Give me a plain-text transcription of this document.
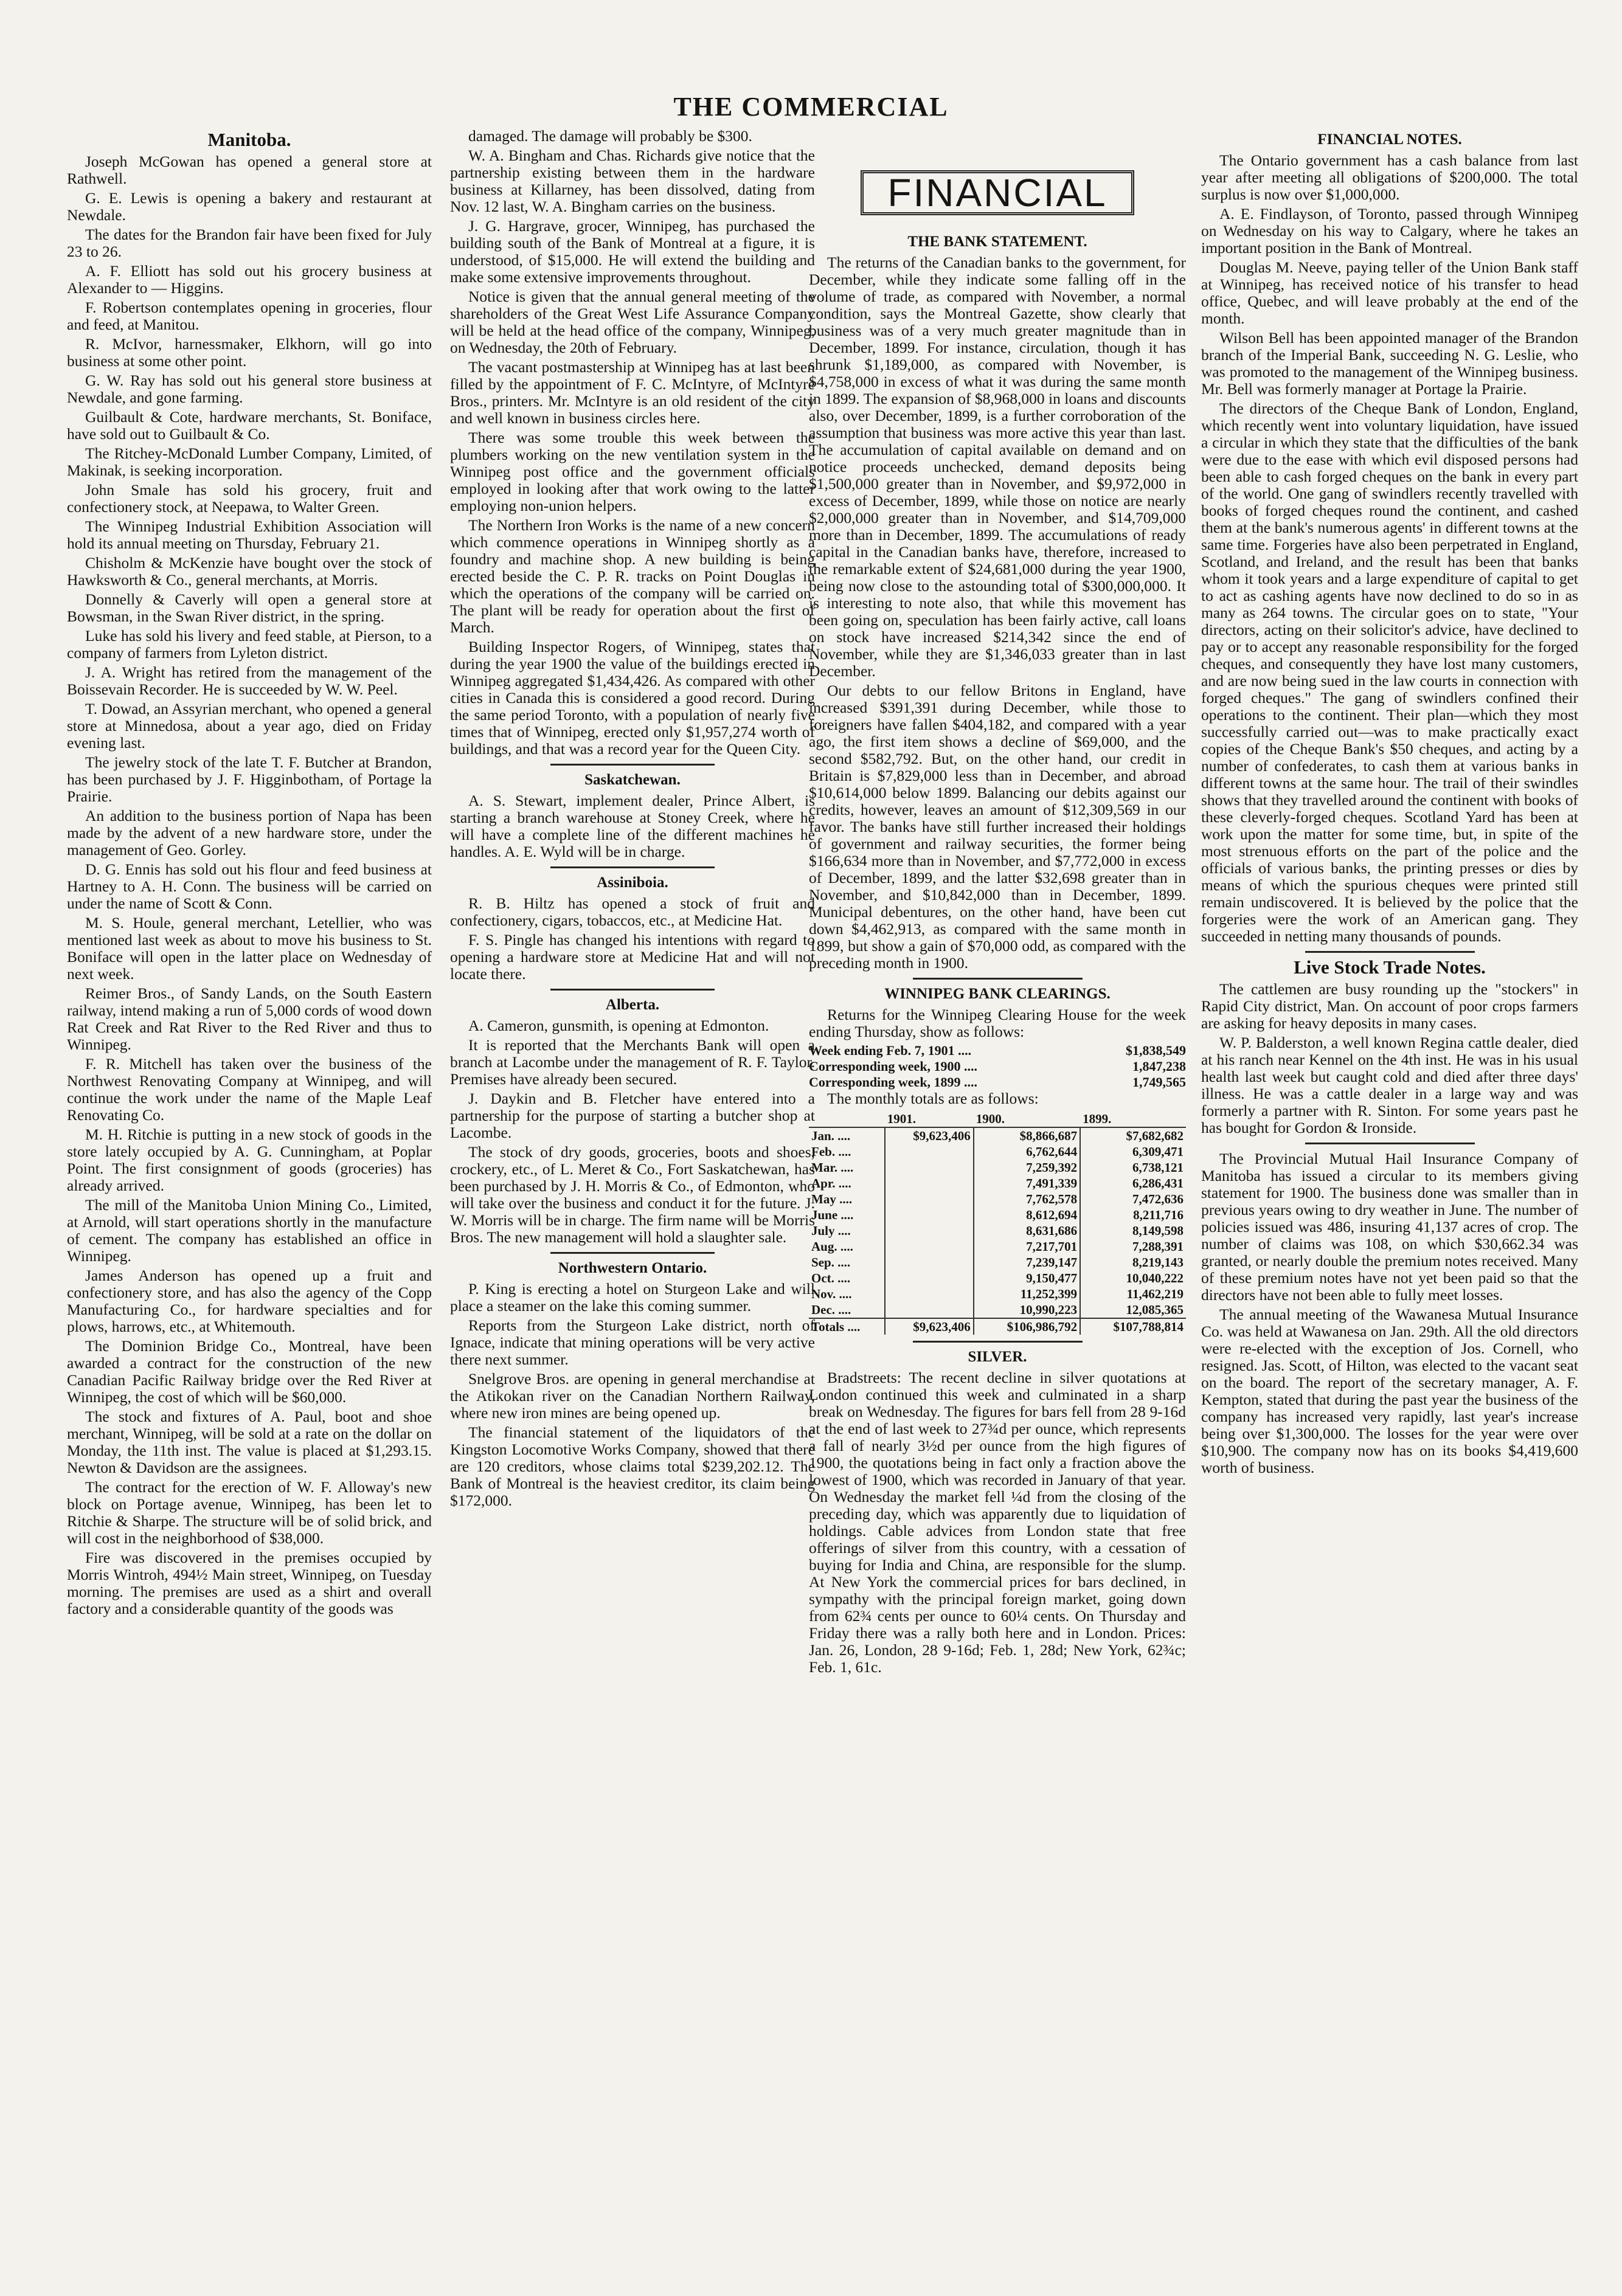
THE COMMERCIAL
Manitoba.

Joseph McGowan has opened a general store at Rathwell.

G. E. Lewis is opening a bakery and restaurant at Newdale.

The dates for the Brandon fair have been fixed for July 23 to 26.

A. F. Elliott has sold out his grocery business at Alexander to — Higgins.

F. Robertson contemplates opening in groceries, flour and feed, at Manitou.

R. McIvor, harnessmaker, Elkhorn, will go into business at some other point.

G. W. Ray has sold out his general store business at Newdale, and gone farming.

Guilbault & Cote, hardware merchants, St. Boniface, have sold out to Guilbault & Co.

The Ritchey-McDonald Lumber Company, Limited, of Makinak, is seeking incorporation.

John Smale has sold his grocery, fruit and confectionery stock, at Neepawa, to Walter Green.

The Winnipeg Industrial Exhibition Association will hold its annual meeting on Thursday, February 21.

Chisholm & McKenzie have bought over the stock of Hawksworth & Co., general merchants, at Morris.

Donnelly & Caverly will open a general store at Bowsman, in the Swan River district, in the spring.

Luke has sold his livery and feed stable, at Pierson, to a company of farmers from Lyleton district.

J. A. Wright has retired from the management of the Boissevain Recorder. He is succeeded by W. W. Peel.

T. Dowad, an Assyrian merchant, who opened a general store at Minnedosa, about a year ago, died on Friday evening last.

The jewelry stock of the late T. F. Butcher at Brandon, has been purchased by J. F. Higginbotham, of Portage la Prairie.

An addition to the business portion of Napa has been made by the advent of a new hardware store, under the management of Geo. Gorley.

D. G. Ennis has sold out his flour and feed business at Hartney to A. H. Conn. The business will be carried on under the name of Scott & Conn.

M. S. Houle, general merchant, Letellier, who was mentioned last week as about to move his business to St. Boniface will open in the latter place on Wednesday of next week.

Reimer Bros., of Sandy Lands, on the South Eastern railway, intend making a run of 5,000 cords of wood down Rat Creek and Rat River to the Red River and thus to Winnipeg.

F. R. Mitchell has taken over the business of the Northwest Renovating Company at Winnipeg, and will continue the work under the name of the Maple Leaf Renovating Co.

M. H. Ritchie is putting in a new stock of goods in the store lately occupied by A. G. Cunningham, at Poplar Point. The first consignment of goods (groceries) has already arrived.

The mill of the Manitoba Union Mining Co., Limited, at Arnold, will start operations shortly in the manufacture of cement. The company has established an office in Winnipeg.

James Anderson has opened up a fruit and confectionery store, and has also the agency of the Copp Manufacturing Co., for hardware specialties and for plows, harrows, etc., at Whitemouth.

The Dominion Bridge Co., Montreal, have been awarded a contract for the construction of the new Canadian Pacific Railway bridge over the Red River at Winnipeg, the cost of which will be $60,000.

The stock and fixtures of A. Paul, boot and shoe merchant, Winnipeg, will be sold at a rate on the dollar on Monday, the 11th inst. The value is placed at $1,293.15. Newton & Davidson are the assignees.

The contract for the erection of W. F. Alloway's new block on Portage avenue, Winnipeg, has been let to Ritchie & Sharpe. The structure will be of solid brick, and will cost in the neighborhood of $38,000.

Fire was discovered in the premises occupied by Morris Wintroh, 494½ Main street, Winnipeg, on Tuesday morning. The premises are used as a shirt and overall factory and a considerable quantity of the goods was

damaged. The damage will probably be $300.

W. A. Bingham and Chas. Richards give notice that the partnership existing between them in the hardware business at Killarney, has been dissolved, dating from Nov. 12 last, W. A. Bingham carries on the business.

J. G. Hargrave, grocer, Winnipeg, has purchased the building south of the Bank of Montreal at a figure, it is understood, of $15,000. He will extend the building and make some extensive improvements throughout.

Notice is given that the annual general meeting of the shareholders of the Great West Life Assurance Company will be held at the head office of the company, Winnipeg, on Wednesday, the 20th of February.

The vacant postmastership at Winnipeg has at last been filled by the appointment of F. C. McIntyre, of McIntyre Bros., printers. Mr. McIntyre is an old resident of the city and well known in business circles here.

There was some trouble this week between the plumbers working on the new ventilation system in the Winnipeg post office and the government officials employed in looking after that work owing to the latter employing non-union helpers.

The Northern Iron Works is the name of a new concern which commence operations in Winnipeg shortly as a foundry and machine shop. A new building is being erected beside the C. P. R. tracks on Point Douglas in which the operations of the company will be carried on. The plant will be ready for operation about the first of March.

Building Inspector Rogers, of Winnipeg, states that during the year 1900 the value of the buildings erected in Winnipeg aggregated $1,434,426. As compared with other cities in Canada this is considered a good record. During the same period Toronto, with a population of nearly five times that of Winnipeg, erected only $1,957,274 worth of buildings, and that was a record year for the Queen City.

Saskatchewan.

A. S. Stewart, implement dealer, Prince Albert, is starting a branch warehouse at Stoney Creek, where he will have a complete line of the different machines he handles. A. E. Wyld will be in charge.

Assiniboia.

R. B. Hiltz has opened a stock of fruit and confectionery, cigars, tobaccos, etc., at Medicine Hat.

F. S. Pingle has changed his intentions with regard to opening a hardware store at Medicine Hat and will not locate there.

Alberta.

A. Cameron, gunsmith, is opening at Edmonton.

It is reported that the Merchants Bank will open a branch at Lacombe under the management of R. F. Taylor. Premises have already been secured.

J. Daykin and B. Fletcher have entered into a partnership for the purpose of starting a butcher shop at Lacombe.

The stock of dry goods, groceries, boots and shoes, crockery, etc., of L. Meret & Co., Fort Saskatchewan, has been purchased by J. H. Morris & Co., of Edmonton, who will take over the business and conduct it for the future. J. W. Morris will be in charge. The firm name will be Morris Bros. The new management will hold a slaughter sale.

Northwestern Ontario.

P. King is erecting a hotel on Sturgeon Lake and will place a steamer on the lake this coming summer.

Reports from the Sturgeon Lake district, north of Ignace, indicate that mining operations will be very active there next summer.

Snelgrove Bros. are opening in general merchandise at the Atikokan river on the Canadian Northern Railway, where new iron mines are being opened up.

The financial statement of the liquidators of the Kingston Locomotive Works Company, showed that there are 120 creditors, whose claims total $239,202.12. The Bank of Montreal is the heaviest creditor, its claim being $172,000.

FINANCIAL
THE BANK STATEMENT.

The returns of the Canadian banks to the government, for December, while they indicate some falling off in the volume of trade, as compared with November, a normal condition, says the Montreal Gazette, show clearly that business was of a very much greater magnitude than in December, 1899. For instance, circulation, though it has shrunk $1,189,000, as compared with November, is $4,758,000 in excess of what it was during the same month in 1899. The expansion of $8,968,000 in loans and discounts also, over December, 1899, is a further corroboration of the assumption that business was more active this year than last. The accumulation of capital available on demand and on notice proceeds unchecked, demand deposits being $1,500,000 greater than in November, and $9,972,000 in excess of December, 1899, while those on notice are nearly $2,000,000 greater than in November, and $14,709,000 more than in December, 1899. The accumulations of ready capital in the Canadian banks have, therefore, increased to the remarkable extent of $24,681,000 during the year 1900, being now close to the astounding total of $300,000,000. It is interesting to note also, that while this movement has been going on, speculation has been fairly active, call loans on stock have increased $214,342 since the end of November, while they are $1,346,033 greater than in last December.

Our debts to our fellow Britons in England, have increased $391,391 during December, while those to foreigners have fallen $404,182, and compared with a year ago, the first item shows a decline of $69,000, and the second $582,792. But, on the other hand, our credit in Britain is $7,829,000 less than in December, and abroad $10,614,000 below 1899. Balancing our debits against our credits, however, leaves an amount of $12,309,569 in our favor. The banks have still further increased their holdings of government and railway securities, the former being $166,634 more than in November, and $7,772,000 in excess of December, 1899, and the latter $32,698 greater than in November, and $10,842,000 than in December, 1899. Municipal debentures, on the other hand, have been cut down $4,462,913, as compared with the same month in 1899, but show a gain of $70,000 odd, as compared with the preceding month in 1900.

WINNIPEG BANK CLEARINGS.

Returns for the Winnipeg Clearing House for the week ending Thursday, show as follows:

Week ending Feb. 7, 1901 ....	$1,838,549
Corresponding week, 1900 ....	1,847,238
Corresponding week, 1899 ....	1,749,565

The monthly totals are as follows:

	1901.	1900.	1899.
Jan. ....	$9,623,406	$8,866,687	$7,682,682
Feb. ....		6,762,644	6,309,471
Mar. ....		7,259,392	6,738,121
Apr. ....		7,491,339	6,286,431
May ....		7,762,578	7,472,636
June ....		8,612,694	8,211,716
July ....		8,631,686	8,149,598
Aug. ....		7,217,701	7,288,391
Sep. ....		7,239,147	8,219,143
Oct. ....		9,150,477	10,040,222
Nov. ....		11,252,399	11,462,219
Dec. ....		10,990,223	12,085,365
Totals ....	$9,623,406	$106,986,792	$107,788,814
SILVER.

Bradstreets: The recent decline in silver quotations at London continued this week and culminated in a sharp break on Wednesday. The figures for bars fell from 28 9-16d at the end of last week to 27¾d per ounce, which represents a fall of nearly 3½d per ounce from the high figures of 1900, the quotations being in fact only a fraction above the lowest of 1900, which was recorded in January of that year. On Wednesday the market fell ¼d from the closing of the preceding day, which was apparently due to liquidation of holdings. Cable advices from London state that free offerings of silver from this country, with a cessation of buying for India and China, are responsible for the slump. At New York the commercial prices for bars declined, in sympathy with the principal foreign market, going down from 62¾ cents per ounce to 60¼ cents. On Thursday and Friday there was a rally both here and in London. Prices: Jan. 26, London, 28 9-16d; Feb. 1, 28d; New York, 62¾c; Feb. 1, 61c.

FINANCIAL NOTES.

The Ontario government has a cash balance from last year after meeting all obligations of $200,000. The total surplus is now over $1,000,000.

A. E. Findlayson, of Toronto, passed through Winnipeg on Wednesday on his way to Calgary, where he takes an important position in the Bank of Montreal.

Douglas M. Neeve, paying teller of the Union Bank staff at Winnipeg, has received notice of his transfer to head office, Quebec, and will leave probably at the end of the month.

Wilson Bell has been appointed manager of the Brandon branch of the Imperial Bank, succeeding N. G. Leslie, who was promoted to the management of the Winnipeg business. Mr. Bell was formerly manager at Portage la Prairie.

The directors of the Cheque Bank of London, England, which recently went into voluntary liquidation, have issued a circular in which they state that the difficulties of the bank were due to the ease with which evil disposed persons had been able to cash forged cheques on the bank in every part of the world. One gang of swindlers recently travelled with books of forged cheques round the continent, and cashed them at the bank's numerous agents' in different towns at the same time. Forgeries have also been perpetrated in England, Scotland, and Ireland, and the result has been that banks whom it took years and a large expenditure of capital to get to act as cashing agents have now declined to do so in as many as 264 towns. The circular goes on to state, "Your directors, acting on their solicitor's advice, have declined to pay or to accept any reasonable responsibility for the forged cheques, and consequently they have lost many customers, and are now being sued in the law courts in connection with forged cheques." The gang of swindlers confined their operations to the continent. Their plan—which they most successfully carried out—was to make practically exact copies of the Cheque Bank's $50 cheques, and acting by a number of confederates, to cash them at various banks in different towns at the same hour. The trail of their swindles shows that they travelled around the continent with books of these cleverly-forged cheques. Scotland Yard has been at work upon the matter for some time, but, in spite of the most strenuous efforts on the part of the police and the officials of various banks, the printing presses or dies by means of which the spurious cheques were printed still remain undiscovered. It is believed by the police that the forgeries were the work of an American gang. They succeeded in netting many thousands of pounds.

Live Stock Trade Notes.

The cattlemen are busy rounding up the "stockers" in Rapid City district, Man. On account of poor crops farmers are asking for heavy deposits in many cases.

W. P. Balderston, a well known Regina cattle dealer, died at his ranch near Kennel on the 4th inst. He was in his usual health last week but caught cold and died after three days' illness. He was a cattle dealer in a large way and was formerly a partner with R. Sinton. For some years past he has bought for Gordon & Ironside.

The Provincial Mutual Hail Insurance Company of Manitoba has issued a circular to its members giving statement for 1900. The business done was smaller than in previous years owing to dry weather in June. The number of policies issued was 486, insuring 41,137 acres of crop. The number of claims was 108, on which $30,662.34 was granted, or nearly double the premium notes received. Many of these premium notes have not yet been paid so that the directors have not been able to fully meet losses.

The annual meeting of the Wawanesa Mutual Insurance Co. was held at Wawanesa on Jan. 29th. All the old directors were re-elected with the exception of Jos. Cornell, who resigned. Jas. Scott, of Hilton, was elected to the vacant seat on the board. The report of the secretary manager, A. F. Kempton, stated that during the past year the business of the company has increased very rapidly, last year's increase being over $1,300,000. The losses for the year were over $10,900. The company now has on its books $4,419,600 worth of business.
